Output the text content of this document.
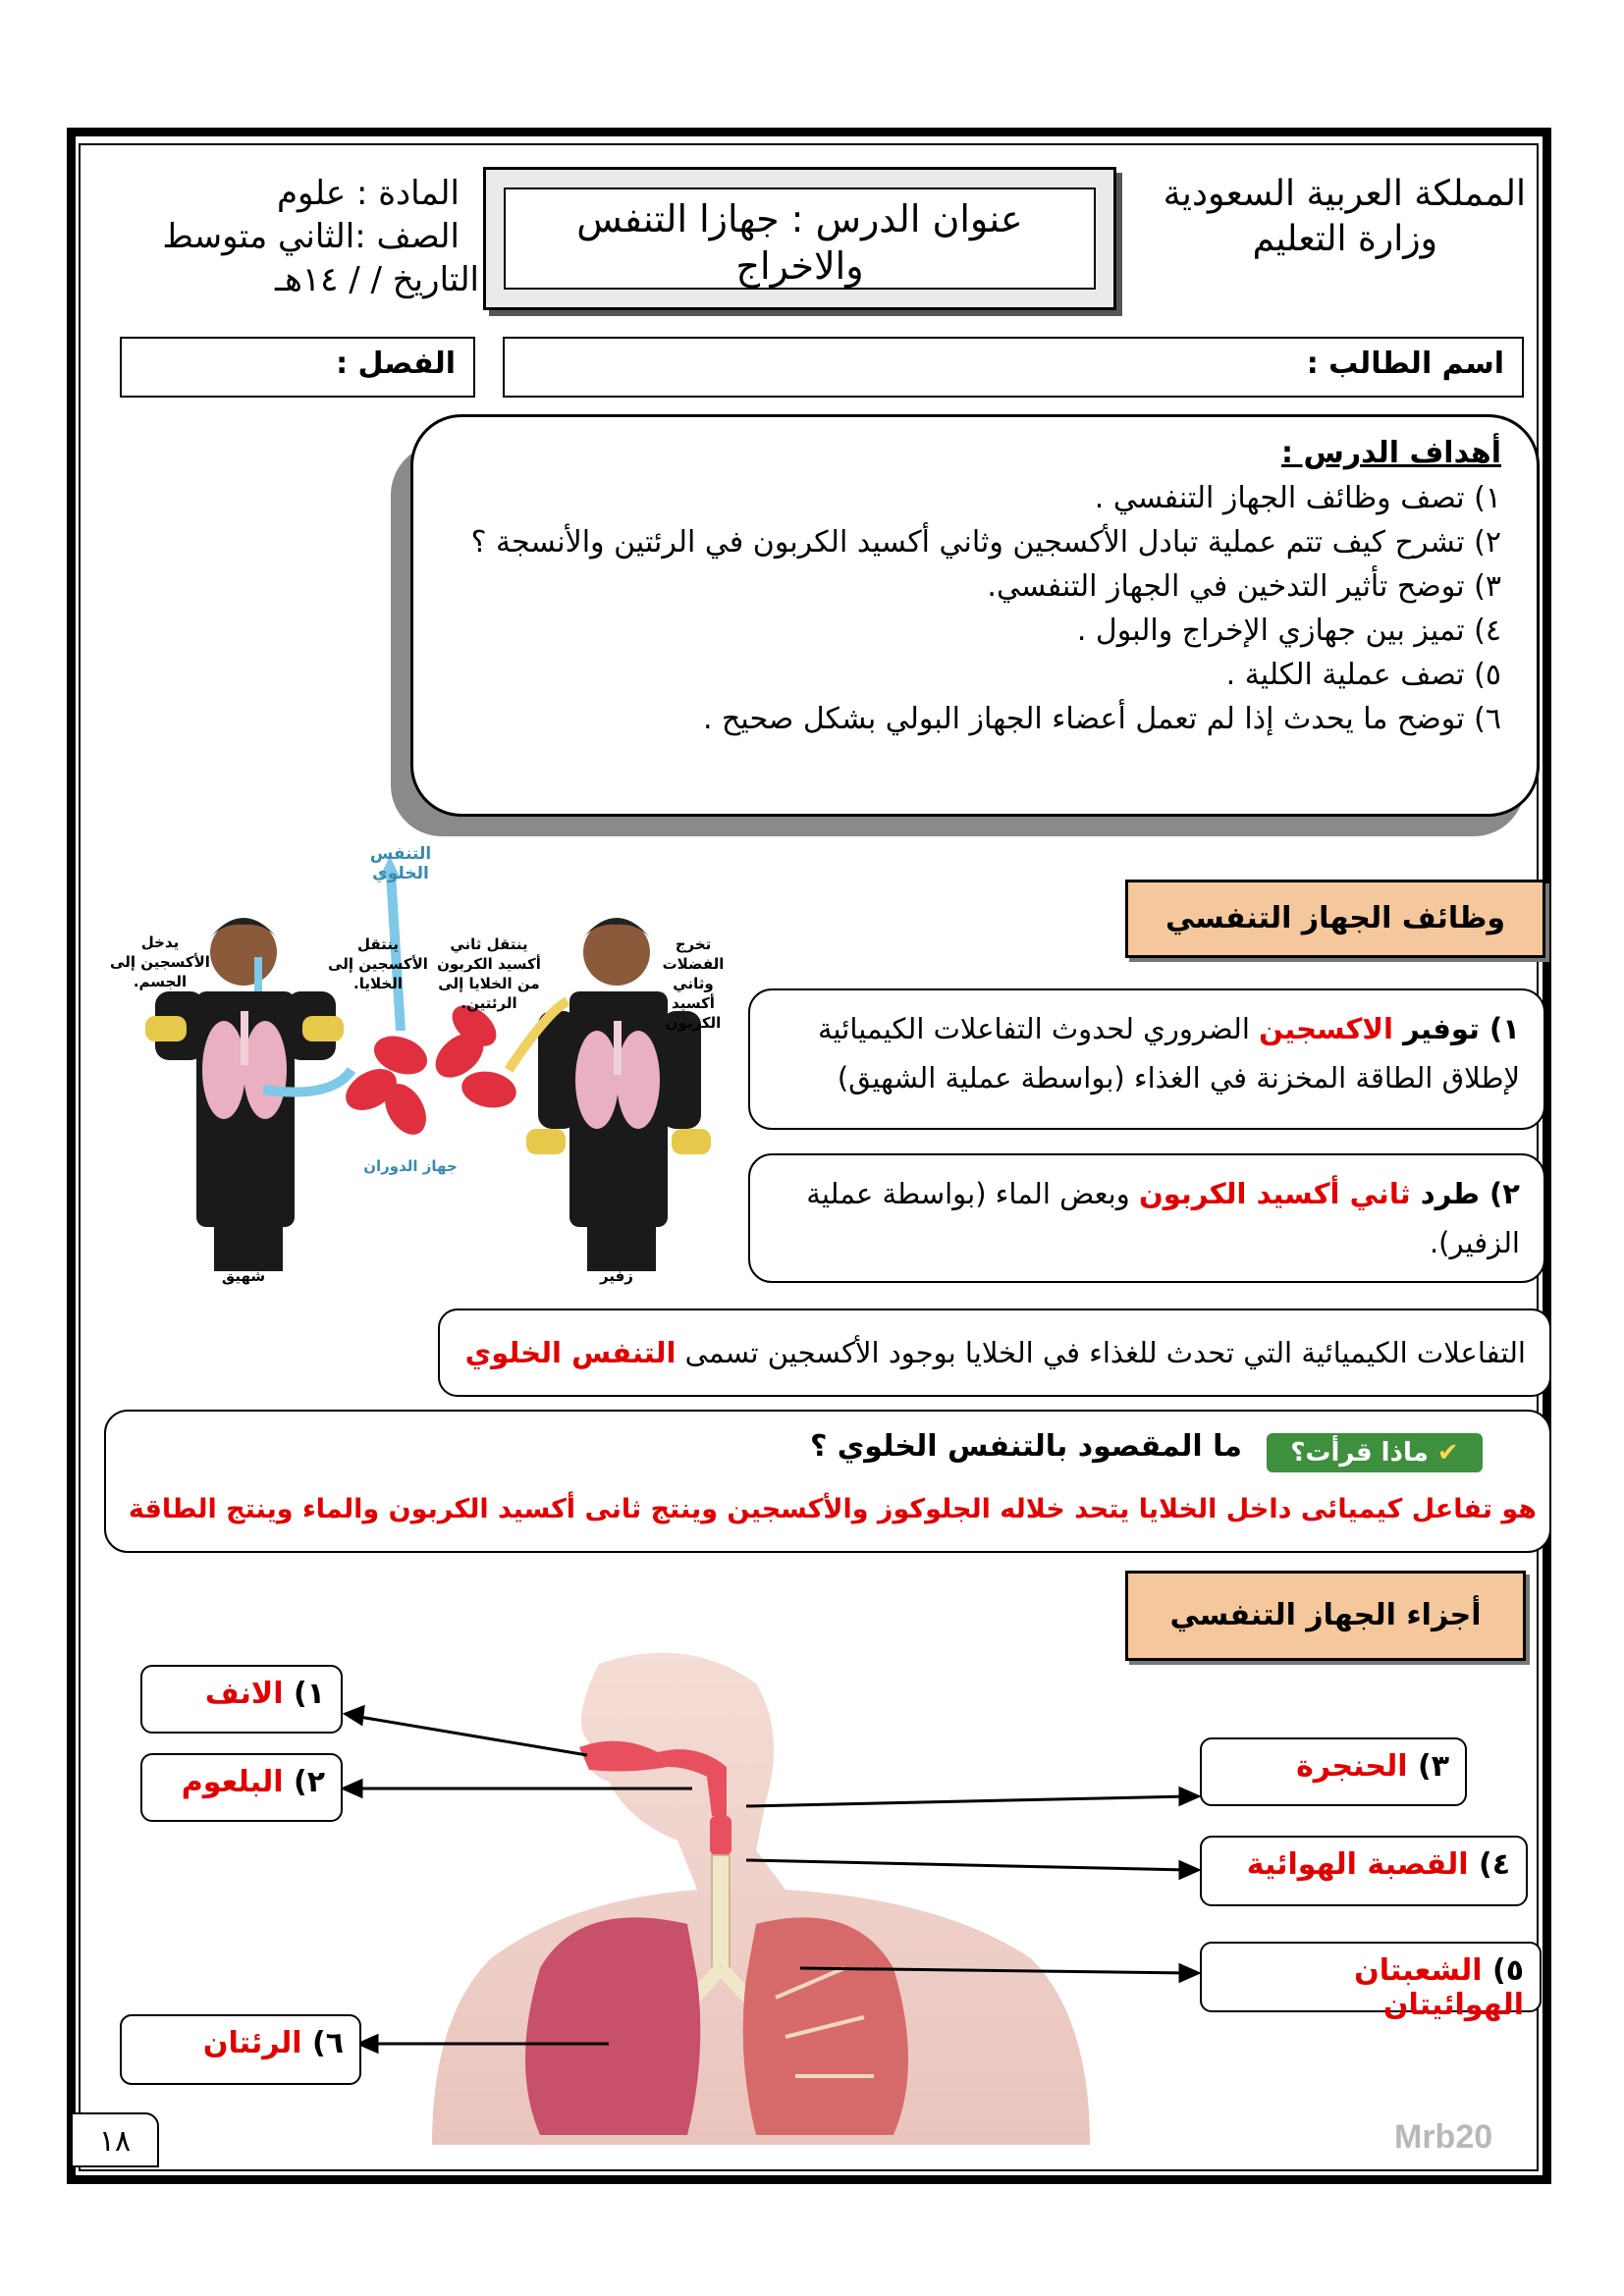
المملكة العربية السعودية
وزارة التعليم
عنوان الدرس : جهازا التنفس والاخراج
المادة : علوم
الصف :الثاني متوسط
التاريخ / / ١٤هـ
اسم الطالب :
الفصل :
أهداف الدرس :
١) تصف وظائف الجهاز التنفسي .
٢) تشرح كيف تتم عملية تبادل الأكسجين وثاني أكسيد الكربون في الرئتين والأنسجة ؟
٣) توضح تأثير التدخين في الجهاز التنفسي.
٤) تميز بين جهازي الإخراج والبول .
٥) تصف عملية الكلية .
٦) توضح ما يحدث إذا لم تعمل أعضاء الجهاز البولي بشكل صحيح .
التنفس الخلوي
يدخل الأكسجين إلى الجسم.
ينتقل الأكسجين إلى الخلايا.
ينتقل ثاني أكسيد الكربون من الخلايا إلى الرئتين.
تخرج الفضلات وثاني أكسيد الكربون
جهاز الدوران
شهيق	زفير
وظائف الجهاز التنفسي
١) توفير الاكسجين الضروري لحدوث التفاعلات الكيميائية لإطلاق الطاقة المخزنة في الغذاء (بواسطة عملية الشهيق)
٢) طرد ثاني أكسيد الكربون وبعض الماء (بواسطة عملية الزفير).
التفاعلات الكيميائية التي تحدث للغذاء في الخلايا بوجود الأكسجين تسمى التنفس الخلوي
✔ ماذا قرأت؟
ما المقصود بالتنفس الخلوي ؟
هو تفاعل كيميائى داخل الخلايا يتحد خلاله الجلوكوز والأكسجين وينتج ثانى أكسيد الكربون والماء وينتج الطاقة
أجزاء الجهاز التنفسي
١) الانف
٢) البلعوم	٣) الحنجرة
٤) القصبة الهوائية
٥) الشعبتان الهوائيتان
٦) الرئتان
١٨	Mrb20
